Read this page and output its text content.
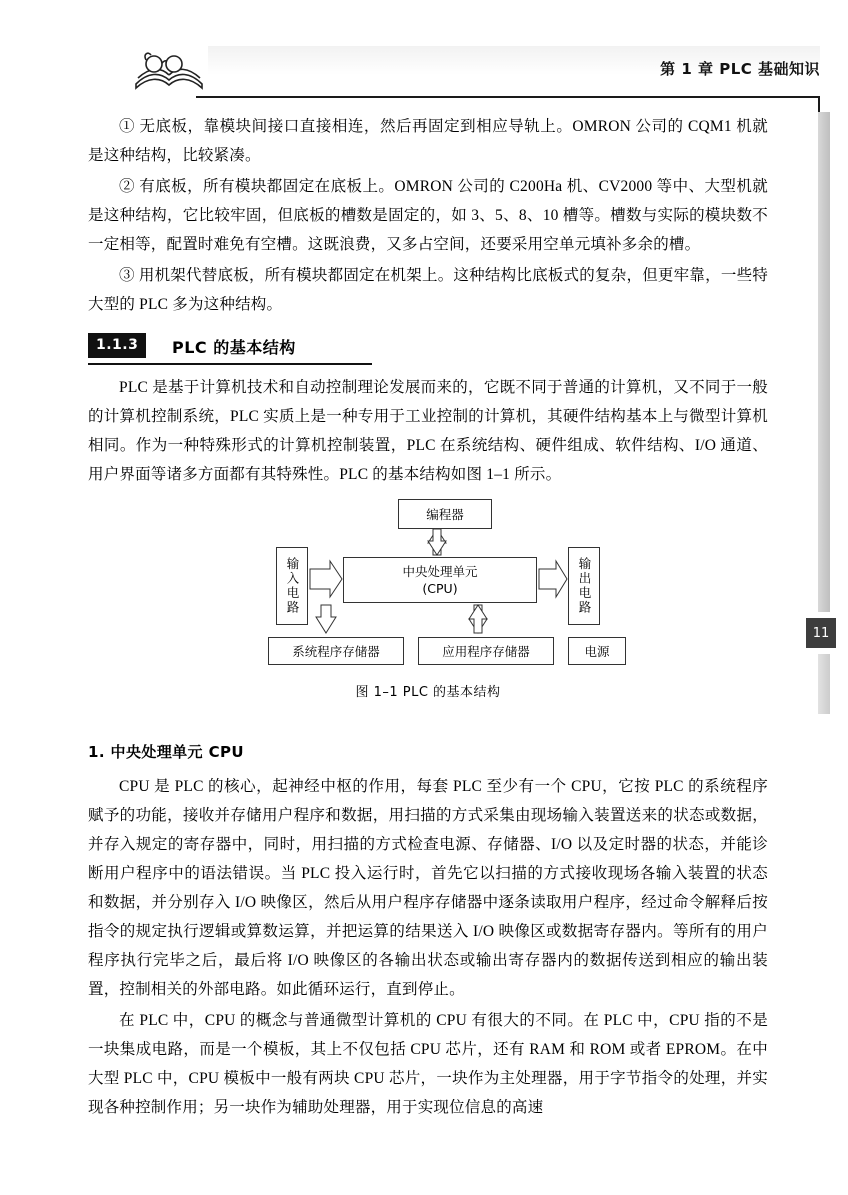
第 1 章 PLC 基础知识
11

① 无底板，靠模块间接口直接相连，然后再固定到相应导轨上。OMRON 公司的 CQM1 机就是这种结构，比较紧凑。

② 有底板，所有模块都固定在底板上。OMRON 公司的 C200Ha 机、CV2000 等中、大型机就是这种结构，它比较牢固，但底板的槽数是固定的，如 3、5、8、10 槽等。槽数与实际的模块数不一定相等，配置时难免有空槽。这既浪费，又多占空间，还要采用空单元填补多余的槽。

③ 用机架代替底板，所有模块都固定在机架上。这种结构比底板式的复杂，但更牢靠，一些特大型的 PLC 多为这种结构。

1.1.3	PLC 的基本结构

PLC 是基于计算机技术和自动控制理论发展而来的，它既不同于普通的计算机，又不同于一般的计算机控制系统，PLC 实质上是一种专用于工业控制的计算机，其硬件结构基本上与微型计算机相同。作为一种特殊形式的计算机控制装置，PLC 在系统结构、硬件组成、软件结构、I/O 通道、用户界面等诸多方面都有其特殊性。PLC 的基本结构如图 1–1 所示。

编程器
中央处理单元
(CPU)
输入电路	输出电路
系统程序存储器	应用程序存储器	电源
图 1–1 PLC 的基本结构
1. 中央处理单元 CPU

CPU 是 PLC 的核心，起神经中枢的作用，每套 PLC 至少有一个 CPU，它按 PLC 的系统程序赋予的功能，接收并存储用户程序和数据，用扫描的方式采集由现场输入装置送来的状态或数据，并存入规定的寄存器中，同时，用扫描的方式检查电源、存储器、I/O 以及定时器的状态，并能诊断用户程序中的语法错误。当 PLC 投入运行时，首先它以扫描的方式接收现场各输入装置的状态和数据，并分别存入 I/O 映像区，然后从用户程序存储器中逐条读取用户程序，经过命令解释后按指令的规定执行逻辑或算数运算，并把运算的结果送入 I/O 映像区或数据寄存器内。等所有的用户程序执行完毕之后，最后将 I/O 映像区的各输出状态或输出寄存器内的数据传送到相应的输出装置，控制相关的外部电路。如此循环运行，直到停止。

在 PLC 中，CPU 的概念与普通微型计算机的 CPU 有很大的不同。在 PLC 中，CPU 指的不是一块集成电路，而是一个模板，其上不仅包括 CPU 芯片，还有 RAM 和 ROM 或者 EPROM。在中大型 PLC 中，CPU 模板中一般有两块 CPU 芯片，一块作为主处理器，用于字节指令的处理，并实现各种控制作用；另一块作为辅助处理器，用于实现位信息的高速
